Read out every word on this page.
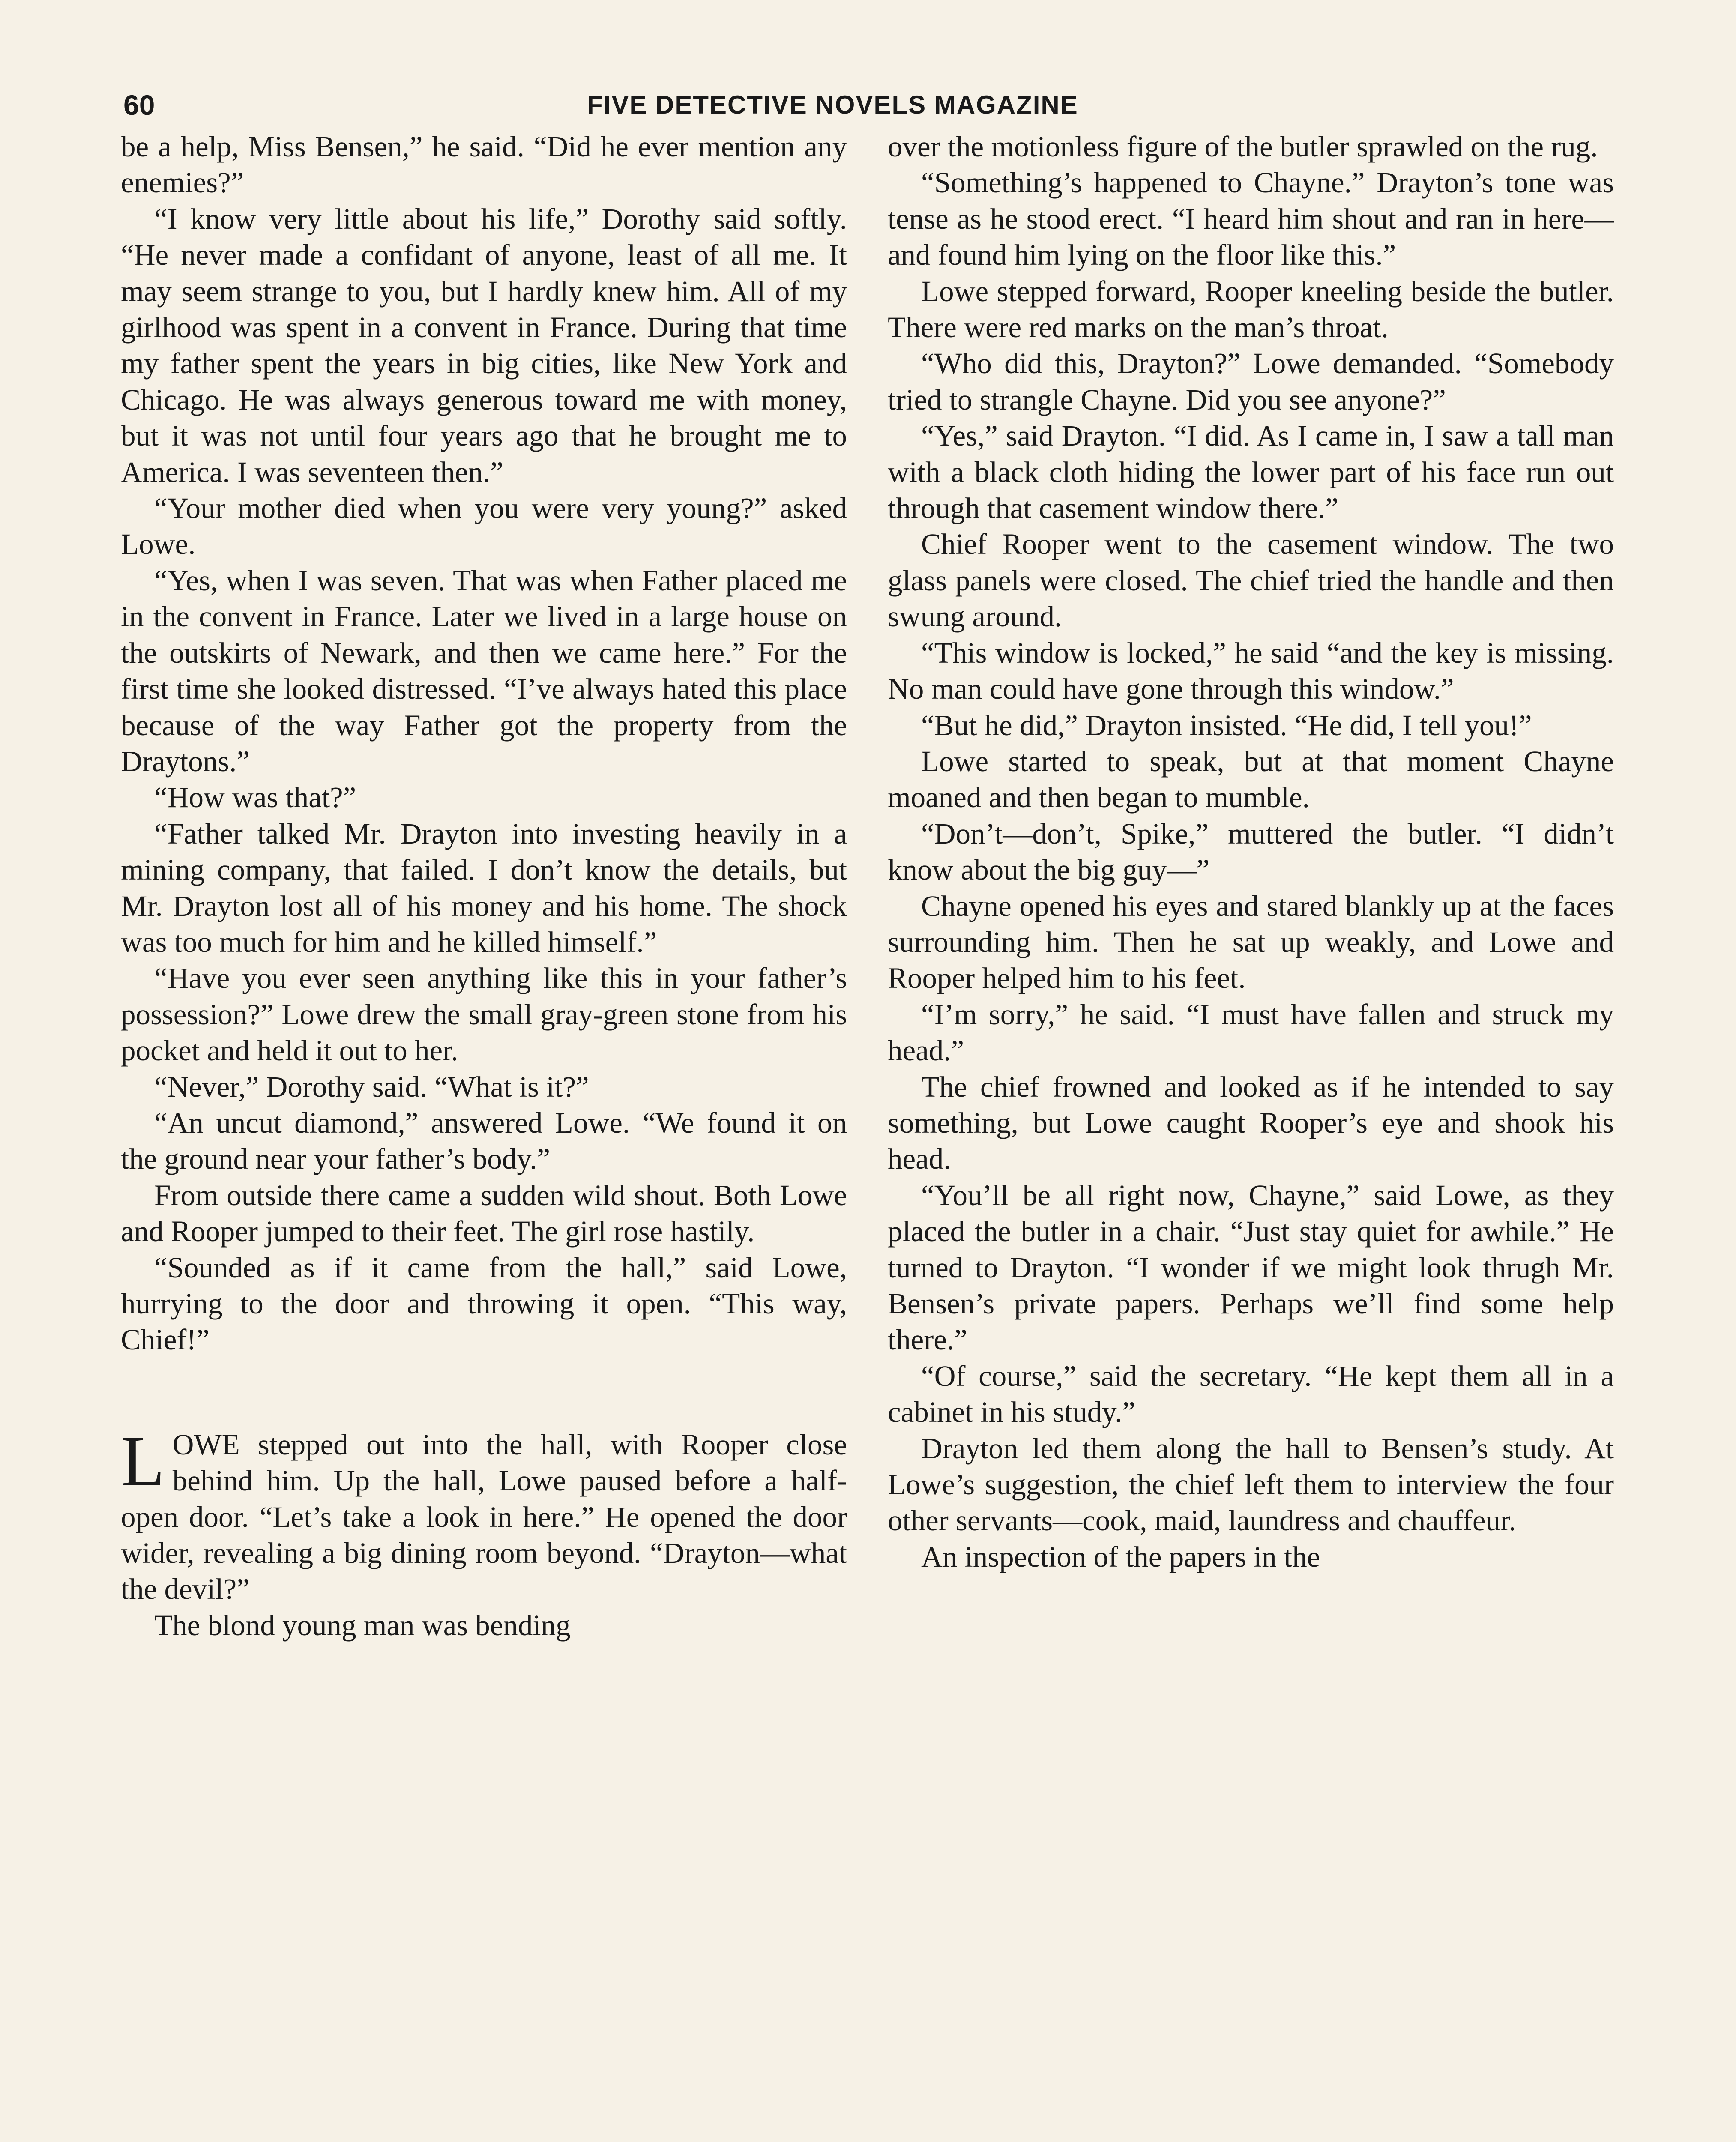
60	FIVE DETECTIVE NOVELS MAGAZINE

be a help, Miss Bensen,” he said. “Did he ever mention any enemies?”

“I know very little about his life,” Dorothy said softly. “He never made a confidant of anyone, least of all me. It may seem strange to you, but I hardly knew him. All of my girlhood was spent in a convent in France. During that time my father spent the years in big cities, like New York and Chicago. He was always generous toward me with money, but it was not until four years ago that he brought me to America. I was seventeen then.”

“Your mother died when you were very young?” asked Lowe.

“Yes, when I was seven. That was when Father placed me in the convent in France. Later we lived in a large house on the outskirts of Newark, and then we came here.” For the first time she looked distressed. “I’ve always hated this place because of the way Father got the property from the Draytons.”

“How was that?”

“Father talked Mr. Drayton into investing heavily in a mining company, that failed. I don’t know the details, but Mr. Drayton lost all of his money and his home. The shock was too much for him and he killed himself.”

“Have you ever seen anything like this in your father’s possession?” Lowe drew the small gray-green stone from his pocket and held it out to her.

“Never,” Dorothy said. “What is it?”

“An uncut diamond,” answered Lowe. “We found it on the ground near your father’s body.”

From outside there came a sudden wild shout. Both Lowe and Rooper jumped to their feet. The girl rose hastily.

“Sounded as if it came from the hall,” said Lowe, hurrying to the door and throwing it open. “This way, Chief!”

LOWE stepped out into the hall, with Rooper close behind him. Up the hall, Lowe paused before a half-open door. “Let’s take a look in here.” He opened the door wider, revealing a big dining room beyond. “Drayton—what the devil?”

The blond young man was bending

over the motionless figure of the butler sprawled on the rug.

“Something’s happened to Chayne.” Drayton’s tone was tense as he stood erect. “I heard him shout and ran in here—and found him lying on the floor like this.”

Lowe stepped forward, Rooper kneeling beside the butler. There were red marks on the man’s throat.

“Who did this, Drayton?” Lowe demanded. “Somebody tried to strangle Chayne. Did you see anyone?”

“Yes,” said Drayton. “I did. As I came in, I saw a tall man with a black cloth hiding the lower part of his face run out through that casement window there.”

Chief Rooper went to the casement window. The two glass panels were closed. The chief tried the handle and then swung around.

“This window is locked,” he said “and the key is missing. No man could have gone through this window.”

“But he did,” Drayton insisted. “He did, I tell you!”

Lowe started to speak, but at that moment Chayne moaned and then began to mumble.

“Don’t—don’t, Spike,” muttered the butler. “I didn’t know about the big guy—”

Chayne opened his eyes and stared blankly up at the faces surrounding him. Then he sat up weakly, and Lowe and Rooper helped him to his feet.

“I’m sorry,” he said. “I must have fallen and struck my head.”

The chief frowned and looked as if he intended to say something, but Lowe caught Rooper’s eye and shook his head.

“You’ll be all right now, Chayne,” said Lowe, as they placed the butler in a chair. “Just stay quiet for awhile.” He turned to Drayton. “I wonder if we might look thrugh Mr. Bensen’s private papers. Perhaps we’ll find some help there.”

“Of course,” said the secretary. “He kept them all in a cabinet in his study.”

Drayton led them along the hall to Bensen’s study. At Lowe’s suggestion, the chief left them to interview the four other servants—cook, maid, laundress and chauffeur.

An inspection of the papers in the
